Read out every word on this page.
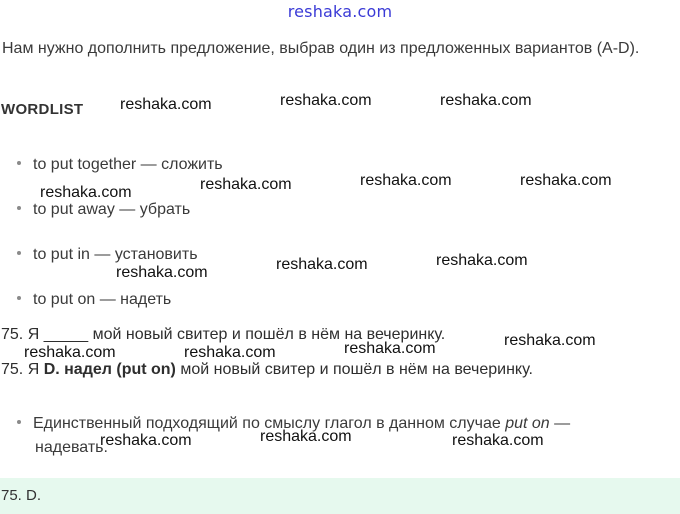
reshaka.com

Нам нужно дополнить предложение, выбрав один из предложенных вариантов (A-D).

WORDLIST
to put together — сложить
to put away — убрать
to put in — установить
to put on — надеть
75. Я _____ мой новый свитер и пошёл в нём на вечеринку.
75. Я D. надел (put on) мой новый свитер и пошёл в нём на вечеринку.
Единственный подходящий по смыслу глагол в данном случае put on —
надевать.
75. D.
reshaka.com	reshaka.com	reshaka.com
reshaka.com	reshaka.com	reshaka.com	reshaka.com
reshaka.com	reshaka.com	reshaka.com
reshaka.com	reshaka.com	reshaka.com	reshaka.com
reshaka.com	reshaka.com	reshaka.com
